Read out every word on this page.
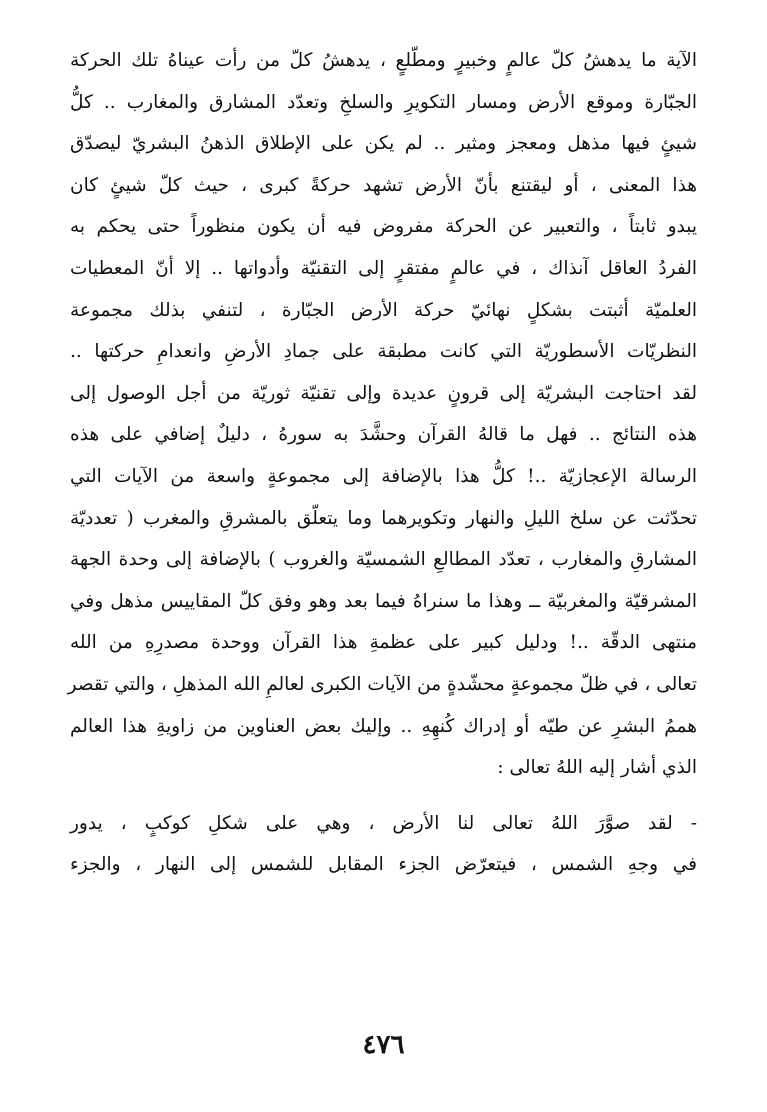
الآية ما يدهشُ كلّ عالمٍ وخبيرٍ ومطّلعٍ ، يدهشُ كلّ من رأت عيناهُ تلك الحركة
الجبّارة وموقع الأرض ومسار التكويرِ والسلخِ وتعدّد المشارق والمغارب .. كلُّ
شيئٍ فيها مذهل ومعجز ومثير .. لم يكن على الإطلاق الذهنُ البشريّ ليصدّق
هذا المعنى ، أو ليقتنع بأنّ الأرض تشهد حركةً كبرى ، حيث كلّ شيئٍ كان
يبدو ثابتاً ، والتعبير عن الحركة مفروض فيه أن يكون منظوراً حتى يحكم به
الفردُ العاقل آنذاك ، في عالمٍ مفتقرٍ إلى التقنيّة وأدواتها .. إلا أنّ المعطيات
العلميّة أثبتت بشكلٍ نهائيّ حركة الأرض الجبّارة ، لتنفي بذلك مجموعة
النظريّات الأسطوريّة التي كانت مطبقة على جمادِ الأرضِ وانعدامِ حركتها ..
لقد احتاجت البشريّة إلى قرونٍ عديدة وإلى تقنيّة ثوريّة من أجل الوصول إلى
هذه النتائج .. فهل ما قالهُ القرآن وحشَّدَ به سورهُ ، دليلٌ إضافي على هذه
الرسالة الإعجازيّة ..! كلُّ هذا بالإضافة إلى مجموعةٍ واسعة من الآيات التي
تحدّثت عن سلخ الليلِ والنهار وتكويرهما وما يتعلّق بالمشرقِ والمغرب ( تعدديّة
المشارقِ والمغارب ، تعدّد المطالعِ الشمسيّة والغروب ) بالإضافة إلى وحدة الجهة
المشرقيّة والمغربيّة ــ وهذا ما سنراهُ فيما بعد وهو وفق كلّ المقاييس مذهل وفي
منتهى الدقّة ..! ودليل كبير على عظمةِ هذا القرآن ووحدة مصدرِهِ من الله
تعالى ، في ظلّ مجموعةٍ محشّدةٍ من الآيات الكبرى لعالمِ الله المذهلِ ، والتي تقصر
هممُ البشرِ عن طيّه أو إدراك كُنهِهِ .. وإليك بعض العناوين من زاويةِ هذا العالم
الذي أشار إليه اللهُ تعالى :
- لقد صوَّرَ اللهُ تعالى لنا الأرض ، وهي على شكلِ كوكبٍ ، يدور
في وجهِ الشمس ، فيتعرّض الجزء المقابل للشمس إلى النهار ، والجزء
٤٧٦
